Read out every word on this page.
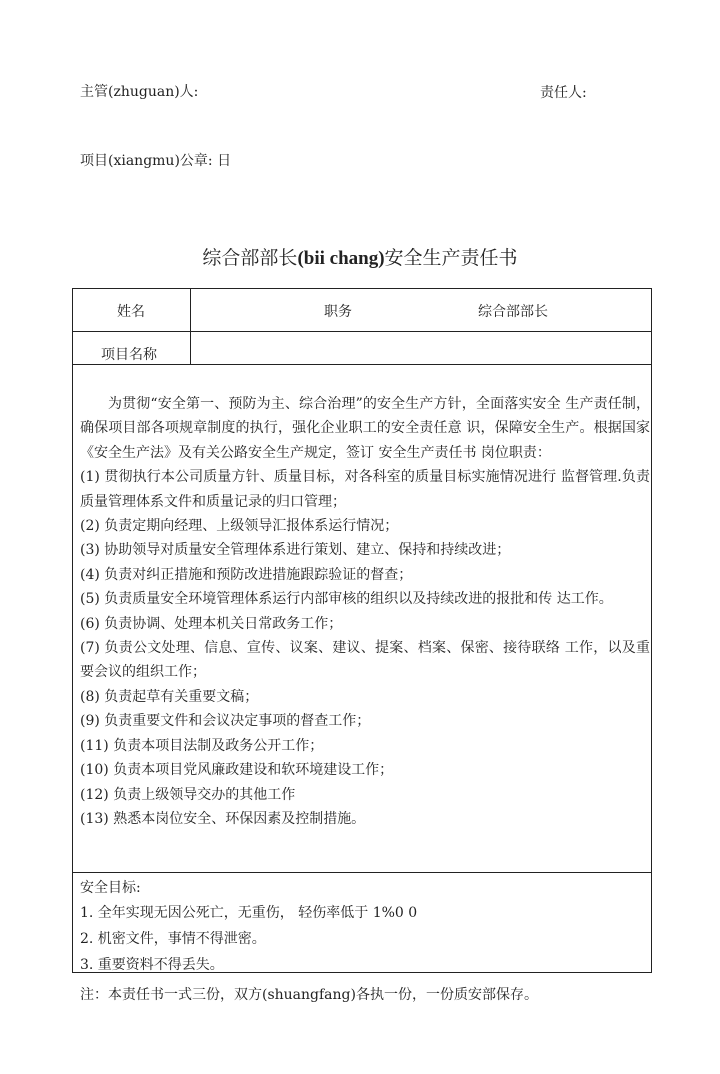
主管(zhuguan)人:	责任人:
项目(xiangmu)公章: 日
综合部部长(bii chang)安全生产责任书
姓名	职务	综合部部长
项目名称

为贯彻“安全第一、预防为主、综合治理”的安全生产方针，全面落实安全 生产责任制，确保项目部各项规章制度的执行，强化企业职工的安全责任意 识，保障安全生产。根据国家《安全生产法》及有关公路安全生产规定，签订 安全生产责任书 岗位职责：

(1) 贯彻执行本公司质量方针、质量目标，对各科室的质量目标实施情况进行 监督管理.负责质量管理体系文件和质量记录的归口管理；

(2) 负责定期向经理、上级领导汇报体系运行情况；

(3) 协助领导对质量安全管理体系进行策划、建立、保持和持续改进；

(4) 负责对纠正措施和预防改进措施跟踪验证的督查；

(5) 负责质量安全环境管理体系运行内部审核的组织以及持续改进的报批和传 达工作。

(6) 负责协调、处理本机关日常政务工作；

(7) 负责公文处理、信息、宣传、议案、建议、提案、档案、保密、接待联络 工作，以及重要会议的组织工作；

(8) 负责起草有关重要文稿；

(9) 负责重要文件和会议决定事项的督查工作；

(11) 负责本项目法制及政务公开工作；

(10) 负责本项目党风廉政建设和软环境建设工作；

(12) 负责上级领导交办的其他工作

(13) 熟悉本岗位安全、环保因素及控制措施。

安全目标:
1. 全年实现无因公死亡，无重伤， 轻伤率低于 1%0 0
2. 机密文件，事情不得泄密。
3. 重要资料不得丢失。
注：本责任书一式三份，双方(shuangfang)各执一份，一份质安部保存。
